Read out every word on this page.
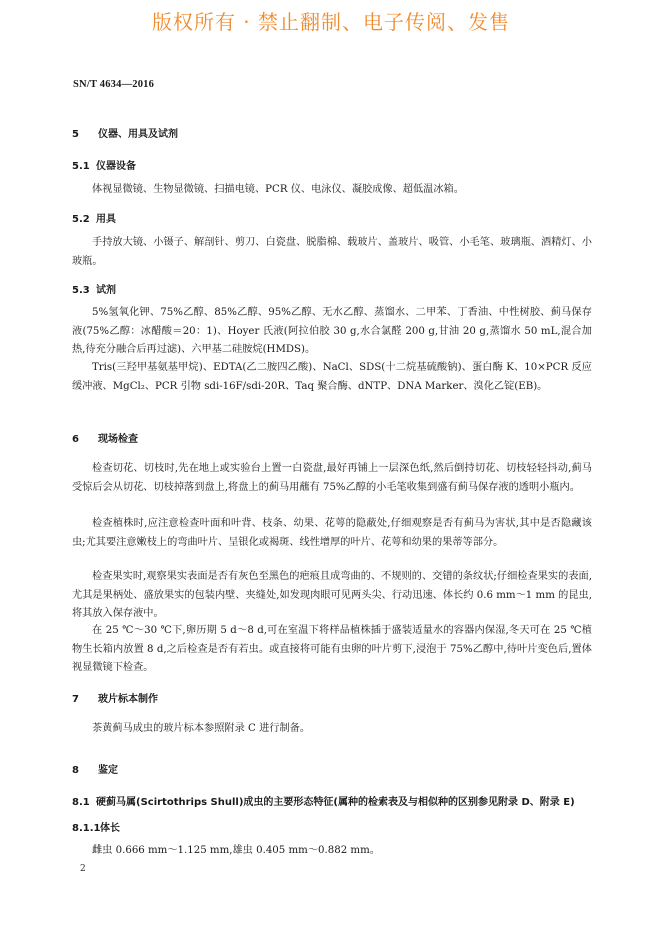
版权所有 · 禁止翻制、电子传阅、发售
SN/T 4634—2016
5 仪器、用具及试剂
5.1 仪器设备

体视显微镜、生物显微镜、扫描电镜、PCR 仪、电泳仪、凝胶成像、超低温冰箱。

5.2 用具

手持放大镜、小镊子、解剖针、剪刀、白瓷盘、脱脂棉、载玻片、盖玻片、吸管、小毛笔、玻璃瓶、酒精灯、小玻瓶。

5.3 试剂

5%氢氧化钾、75%乙醇、85%乙醇、95%乙醇、无水乙醇、蒸馏水、二甲苯、丁香油、中性树胶、蓟马保存液(75%乙醇：冰醋酸＝20：1)、Hoyer 氏液(阿拉伯胶 30 g,水合氯醛 200 g,甘油 20 g,蒸馏水 50 mL,混合加热,待充分融合后再过滤)、六甲基二硅胺烷(HMDS)。

Tris(三羟甲基氨基甲烷)、EDTA(乙二胺四乙酸)、NaCl、SDS(十二烷基硫酸钠)、蛋白酶 K、10×PCR 反应缓冲液、MgCl₂、PCR 引物 sdi-16F/sdi-20R、Taq 聚合酶、dNTP、DNA Marker、溴化乙锭(EB)。

6 现场检查

检查切花、切枝时,先在地上或实验台上置一白瓷盘,最好再铺上一层深色纸,然后倒持切花、切枝轻轻抖动,蓟马受惊后会从切花、切枝掉落到盘上,将盘上的蓟马用蘸有 75%乙醇的小毛笔收集到盛有蓟马保存液的透明小瓶内。

检查植株时,应注意检查叶面和叶背、枝条、幼果、花萼的隐蔽处,仔细观察是否有蓟马为害状,其中是否隐藏该虫;尤其要注意嫩枝上的弯曲叶片、呈银化或褐斑、线性增厚的叶片、花萼和幼果的果蒂等部分。

检查果实时,观察果实表面是否有灰色至黑色的疤痕且成弯曲的、不规则的、交错的条纹状;仔细检查果实的表面,尤其是果柄处、盛放果实的包装内壁、夹缝处,如发现肉眼可见两头尖、行动迅速、体长约 0.6 mm～1 mm 的昆虫,将其放入保存液中。

在 25 ℃～30 ℃下,卵历期 5 d～8 d,可在室温下将样品植株插于盛装适量水的容器内保湿,冬天可在 25 ℃植物生长箱内放置 8 d,之后检查是否有若虫。或直接将可能有虫卵的叶片剪下,浸泡于 75%乙醇中,待叶片变色后,置体视显微镜下检查。

7 玻片标本制作

茶黄蓟马成虫的玻片标本参照附录 C 进行制备。

8 鉴定
8.1 硬蓟马属(Scirtothrips Shull)成虫的主要形态特征(属种的检索表及与相似种的区别参见附录 D、附录 E)
8.1.1体长

雌虫 0.666 mm～1.125 mm,雄虫 0.405 mm～0.882 mm。

2
